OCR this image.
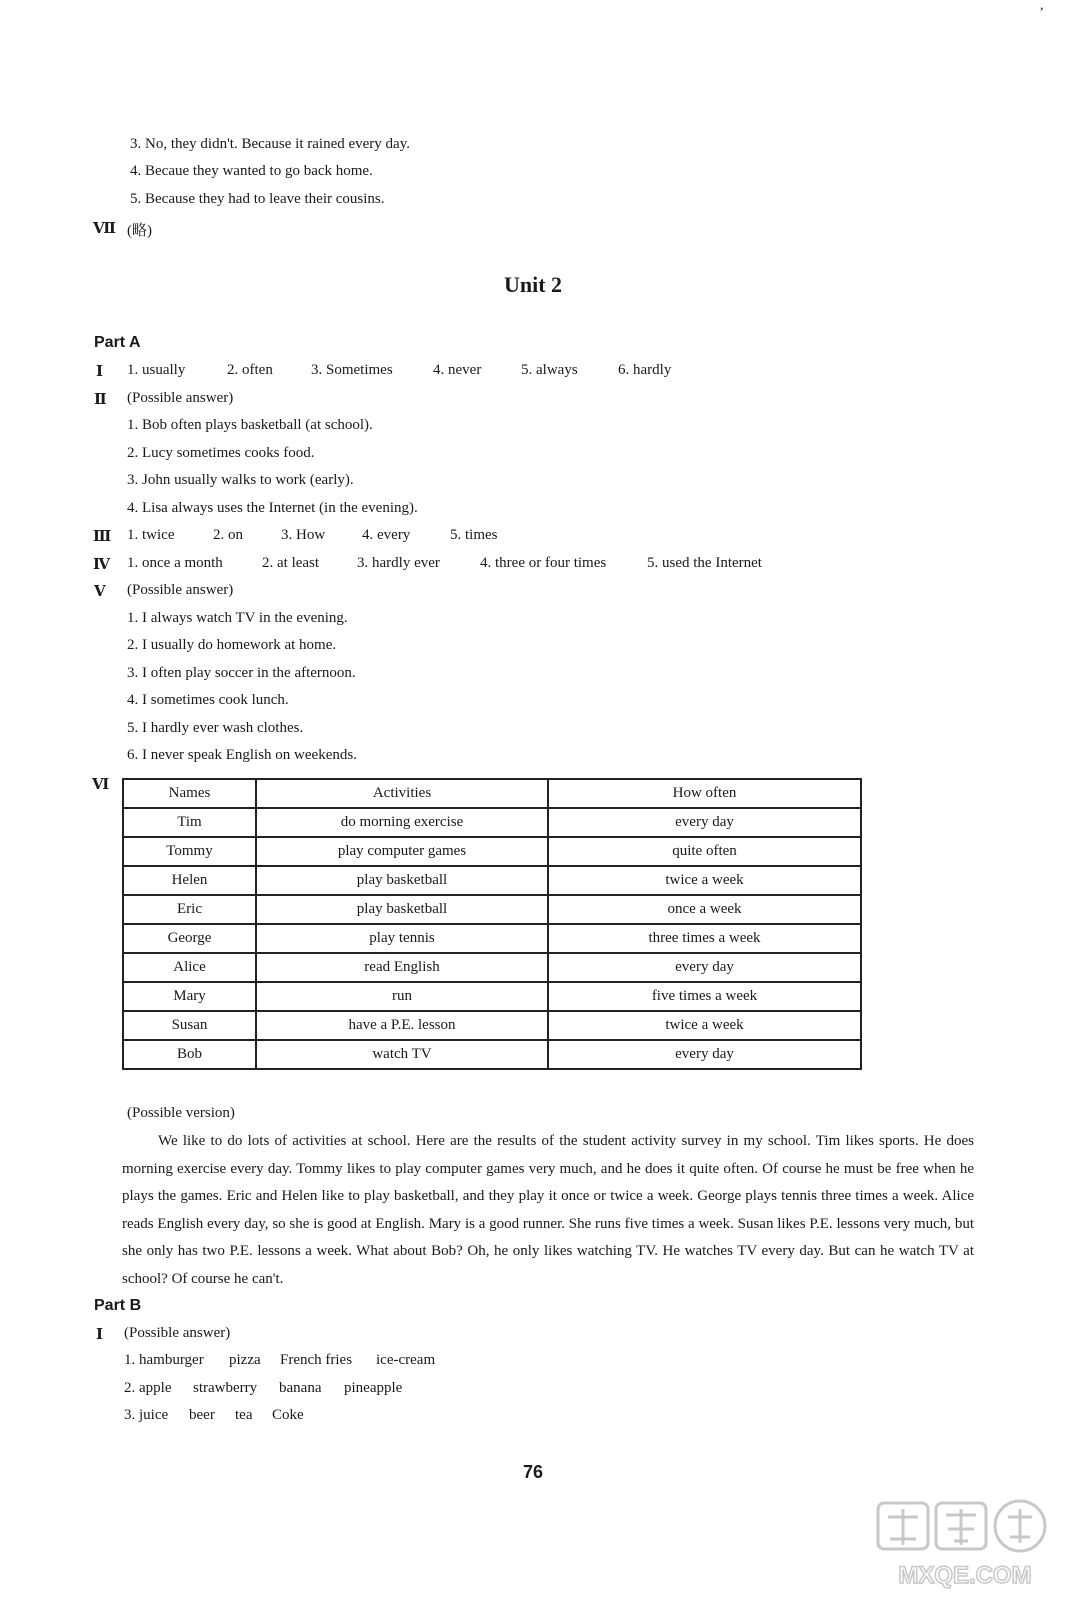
,
3. No, they didn't. Because it rained every day.
4. Becaue they wanted to go back home.
5. Because they had to leave their cousins.
Ⅶ (略)
Unit 2
Part A
Ⅰ 1. usually	2. often	3. Sometimes	4. never	5. always	6. hardly
Ⅱ (Possible answer)
1. Bob often plays basketball (at school).
2. Lucy sometimes cooks food.
3. John usually walks to work (early).
4. Lisa always uses the Internet (in the evening).
Ⅲ 1. twice	2. on	3. How 4. every	5. times
Ⅳ 1. once a month	2. at least	3. hardly ever	4. three or four times	5. used the Internet
Ⅴ (Possible answer)
1. I always watch TV in the evening.
2. I usually do homework at home.
3. I often play soccer in the afternoon.
4. I sometimes cook lunch.
5. I hardly ever wash clothes.
6. I never speak English on weekends.
Ⅵ	Names	Activities	How often
Tim	do morning exercise	every day
Tommy	play computer games	quite often
Helen	play basketball	twice a week
Eric	play basketball	once a week
George	play tennis	three times a week
Alice	read English	every day
Mary	run	five times a week
Susan	have a P.E. lesson	twice a week
Bob	watch TV	every day
(Possible version)
We like to do lots of activities at school. Here are the results of the student activity survey in my school. Tim likes sports. He does morning exercise every day. Tommy likes to play computer games very much, and he does it quite often. Of course he must be free when he plays the games. Eric and Helen like to play basketball, and they play it once or twice a week. George plays tennis three times a week. Alice reads English every day, so she is good at English. Mary is a good runner. She runs five times a week. Susan likes P.E. lessons very much, but she only has two P.E. lessons a week. What about Bob? Oh, he only likes watching TV. He watches TV every day. But can he watch TV at school? Of course he can't.
Part B
Ⅰ (Possible answer)
1. hamburger pizza French fries ice-cream
2. apple strawberry banana pineapple
3. juice beer tea Coke
76
MXQE.COM
